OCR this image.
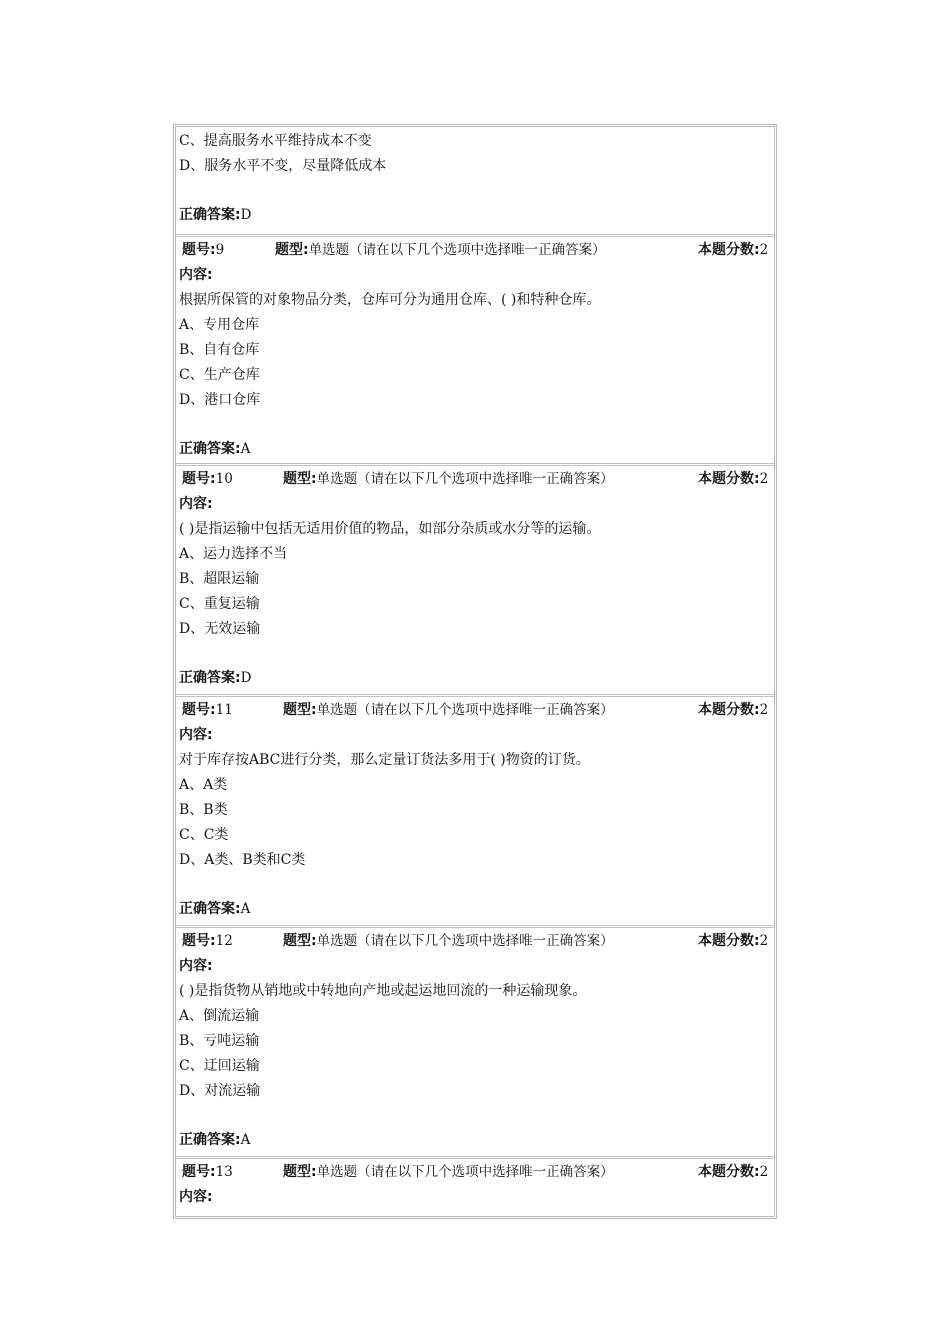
C、提高服务水平维持成本不变
D、服务水平不变，尽量降低成本
正确答案:D
题号:9	题型:单选题（请在以下几个选项中选择唯一正确答案）	本题分数:2
内容:
根据所保管的对象物品分类，仓库可分为通用仓库、( )和特种仓库。
A、专用仓库
B、自有仓库
C、生产仓库
D、港口仓库
正确答案:A
题号:10	题型:单选题（请在以下几个选项中选择唯一正确答案）	本题分数:2
内容:
( )是指运输中包括无适用价值的物品，如部分杂质或水分等的运输。
A、运力选择不当
B、超限运输
C、重复运输
D、无效运输
正确答案:D
题号:11	题型:单选题（请在以下几个选项中选择唯一正确答案）	本题分数:2
内容:
对于库存按ABC进行分类，那么定量订货法多用于( )物资的订货。
A、A类
B、B类
C、C类
D、A类、B类和C类
正确答案:A
题号:12	题型:单选题（请在以下几个选项中选择唯一正确答案）	本题分数:2
内容:
( )是指货物从销地或中转地向产地或起运地回流的一种运输现象。
A、倒流运输
B、亏吨运输
C、迂回运输
D、对流运输
正确答案:A
题号:13	题型:单选题（请在以下几个选项中选择唯一正确答案）	本题分数:2
内容:
